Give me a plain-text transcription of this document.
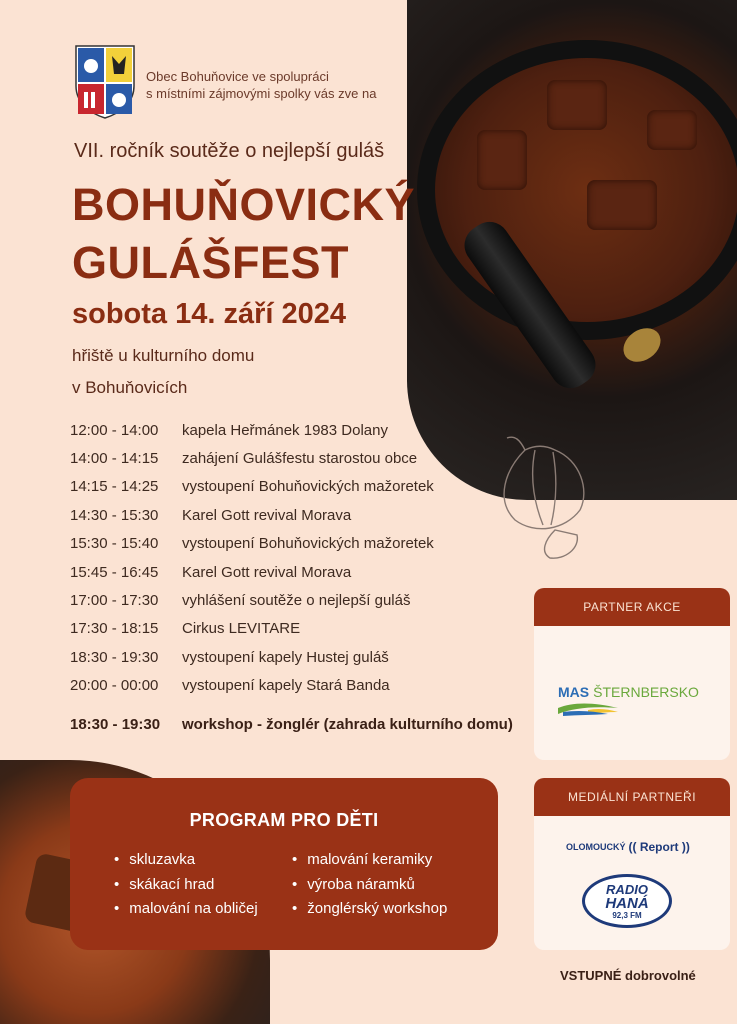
Obec Bohuňovice ve spolupráci
s místními zájmovými spolky vás zve na
VII. ročník soutěže o nejlepší guláš
BOHUŇOVICKÝ
GULÁŠFEST
sobota 14. září 2024
hřiště u kulturního domu
v Bohuňovicích
12:00 - 14:00	kapela Heřmánek 1983 Dolany
14:00 - 14:15	zahájení Gulášfestu starostou obce
14:15 - 14:25	vystoupení Bohuňovických mažoretek
14:30 - 15:30	Karel Gott revival Morava
15:30 - 15:40	vystoupení Bohuňovických mažoretek
15:45 - 16:45	Karel Gott revival Morava
17:00 - 17:30	vyhlášení soutěže o nejlepší guláš
17:30 - 18:15	Cirkus LEVITARE
18:30 - 19:30	vystoupení kapely Hustej guláš
20:00 - 00:00	vystoupení kapely Stará Banda
18:30 - 19:30	workshop - žonglér (zahrada kulturního domu)
PROGRAM PRO DĚTI
• skluzavka
• skákací hrad
• malování na obličej
• malování keramiky
• výroba náramků
• žonglérský workshop
PARTNER AKCE
MAS ŠTERNBERSKO
MEDIÁLNÍ PARTNEŘI
OLOMOUCKÝ (( Report ))
RADIO
HANÁ
92,3 FM
VSTUPNÉ dobrovolné
